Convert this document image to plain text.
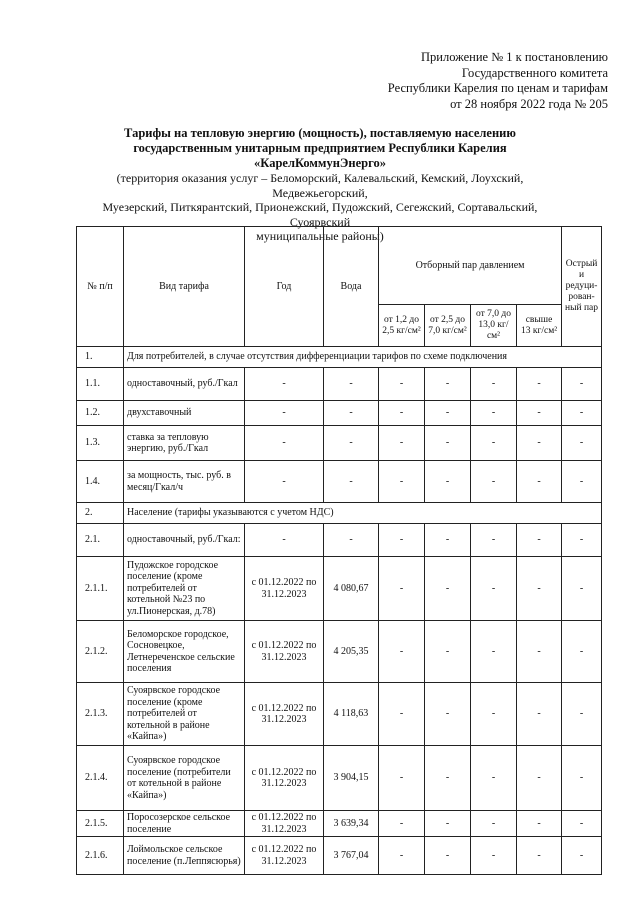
Приложение № 1 к постановлению
Государственного комитета
Республики Карелия по ценам и тарифам
от 28 ноября 2022 года № 205
Тарифы на тепловую энергию (мощность), поставляемую населению
государственным унитарным предприятием Республики Карелия
«КарелКоммунЭнерго»
(территория оказания услуг – Беломорский, Калевальский, Кемский, Лоухский, Медвежьегорский,
Муезерский, Питкярантский, Прионежский, Пудожский, Сегежский, Сортавальский, Суоярвский
муниципальные районы)
№ п/п	Вид тарифа	Год	Вода	Отборный пар давлением				Острый и редуци-рован-ный пар
				от 1,2 до 2,5 кг/см²	от 2,5 до 7,0 кг/см²	от 7,0 до 13,0 кг/см²	свыше 13 кг/см²	
1.	Для потребителей, в случае отсутствия дифференциации тарифов по схеме подключения							
1.1.	одноставочный, руб./Гкал	-	-	-	-	-	-	-
1.2.	двухставочный	-	-	-	-	-	-	-
1.3.	ставка за тепловую энергию, руб./Гкал	-	-	-	-	-	-	-
1.4.	за мощность, тыс. руб. в месяц/Гкал/ч	-	-	-	-	-	-	-
2.	Население (тарифы указываются с учетом НДС)							
2.1.	одноставочный, руб./Гкал:	-	-	-	-	-	-	-
2.1.1.	Пудожское городское поселение (кроме потребителей от котельной №23 по ул.Пионерская, д.78)	с 01.12.2022 по 31.12.2023	4 080,67	-	-	-	-	-
2.1.2.	Беломорское городское, Сосновецкое, Летнереченское сельские поселения	с 01.12.2022 по 31.12.2023	4 205,35	-	-	-	-	-
2.1.3.	Суоярвское городское поселение (кроме потребителей от котельной в районе «Кайпа»)	с 01.12.2022 по 31.12.2023	4 118,63	-	-	-	-	-
2.1.4.	Суоярвское городское поселение (потребители от котельной в районе «Кайпа»)	с 01.12.2022 по 31.12.2023	3 904,15	-	-	-	-	-
2.1.5.	Поросозерское сельское поселение	с 01.12.2022 по 31.12.2023	3 639,34	-	-	-	-	-
2.1.6.	Лоймольское сельское поселение (п.Леппясюрья)	с 01.12.2022 по 31.12.2023	3 767,04	-	-	-	-	-
